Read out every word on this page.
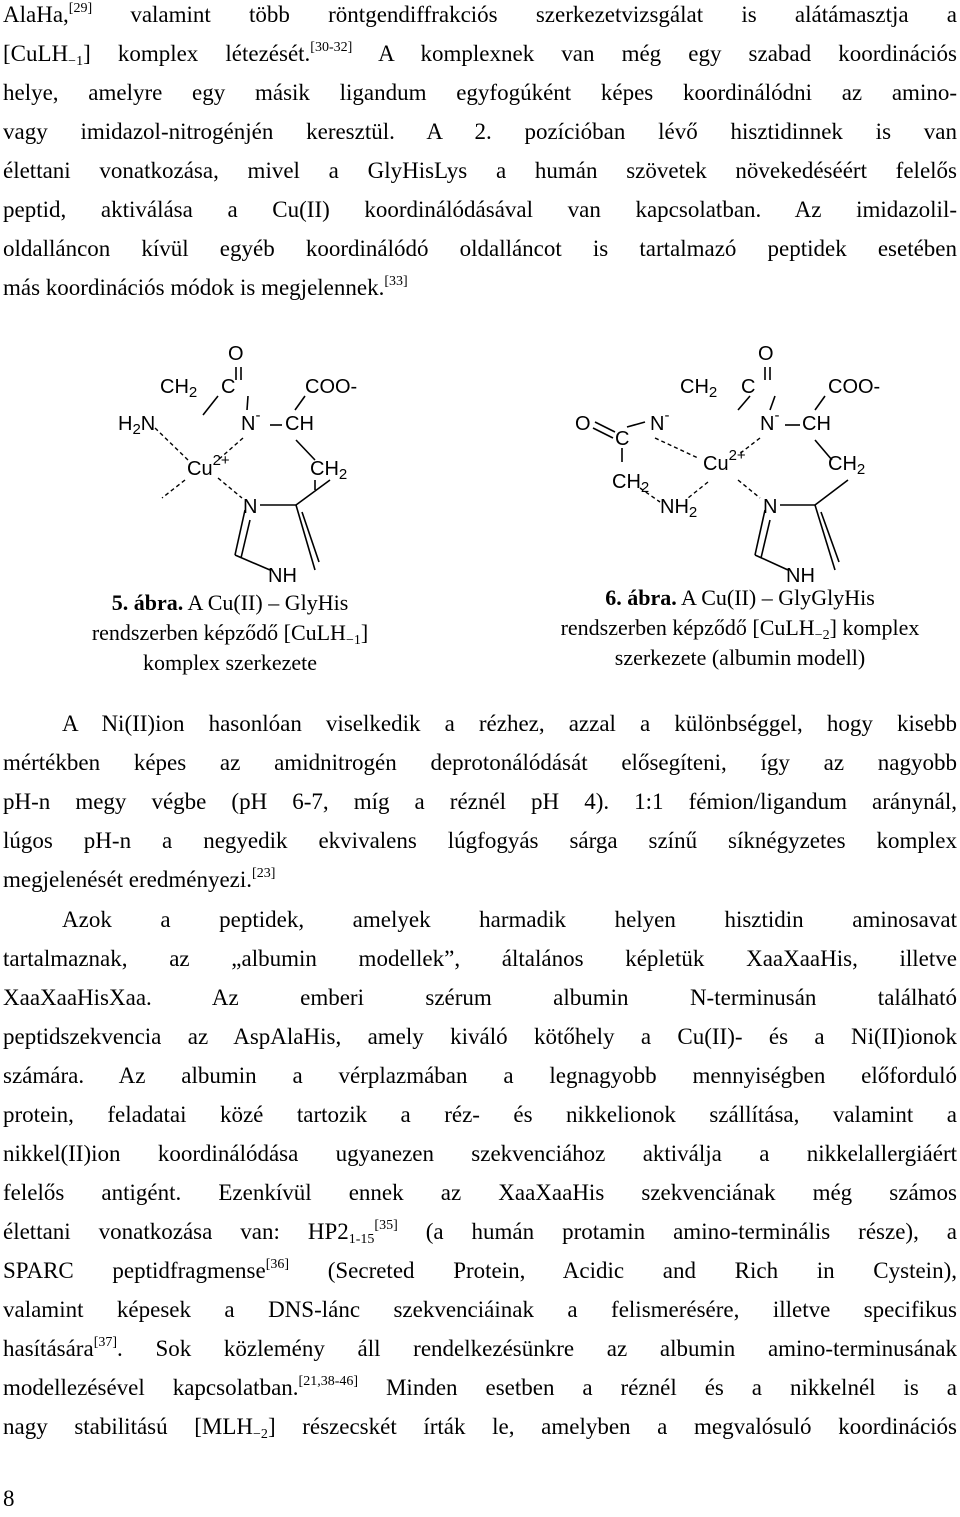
AlaHa,[29] valamint több röntgendiffrakciós szerkezetvizsgálat is alátámasztja a
[CuLH$_{-1}$] komplex létezését.[30-32] A komplexnek van még egy szabad koordinációs
helye, amelyre egy másik ligandum egyfogúként képes koordinálódni az amino-
vagy imidazol-nitrogénjén keresztül. A 2. pozícióban lévő hisztidinnek is van
élettani vonatkozása, mivel a GlyHisLys a humán szövetek növekedéséért felelős
peptid, aktiválása a Cu(II) koordinálódásával van kapcsolatban. Az imidazolil-
oldalláncon kívül egyéb koordinálódó oldalláncot is tartalmazó peptidek esetében
más koordinációs módok is megjelennek.[33]
O
$CH_2$ C	COO-
$H_2N$	N- CH
$Cu^{2+}$	$CH_2$
N
NH
5. ábra. A Cu(II) – GlyHis
rendszerben képződő [CuLH$_{-1}$]
komplex szerkezete
O
$CH_2$ C	COO-
O
C
N-	N- CH
$Cu^{2+}$
$CH_2$
$NH_2$
$CH_2$
N
NH
6. ábra. A Cu(II) – GlyGlyHis
rendszerben képződő [CuLH$_{-2}$] komplex
szerkezete (albumin modell)
A Ni(II)ion hasonlóan viselkedik a rézhez, azzal a különbséggel, hogy kisebb
mértékben képes az amidnitrogén deprotonálódását elősegíteni, így az nagyobb
pH-n megy végbe (pH 6-7, míg a réznél pH 4). 1:1 fémion/ligandum aránynál,
lúgos pH-n a negyedik ekvivalens lúgfogyás sárga színű síknégyzetes komplex
megjelenését eredményezi.[23]
Azok a peptidek, amelyek harmadik helyen hisztidin aminosavat
tartalmaznak, az „albumin modellek”, általános képletük XaaXaaHis, illetve
XaaXaaHisXaa. Az emberi szérum albumin N-terminusán található
peptidszekvencia az AspAlaHis, amely kiváló kötőhely a Cu(II)- és a Ni(II)ionok
számára. Az albumin a vérplazmában a legnagyobb mennyiségben előforduló
protein, feladatai közé tartozik a réz- és nikkelionok szállítása, valamint a
nikkel(II)ion koordinálódása ugyanezen szekvenciához aktiválja a nikkelallergiáért
felelős antigént. Ezenkívül ennek az XaaXaaHis szekvenciának még számos
élettani vonatkozása van: $HP2_{1-15}[35]$ (a humán protamin amino-terminális része), a
SPARC peptidfragmense[36] (Secreted Protein, Acidic and Rich in Cystein),
valamint képesek a DNS-lánc szekvenciáinak a felismerésére, illetve specifikus
hasítására[37]. Sok közlemény áll rendelkezésünkre az albumin amino-terminusának
modellezésével kapcsolatban.[21,38-46] Minden esetben a réznél és a nikkelnél is a
nagy stabilitású $[MLH_{-2}]$ részecskét írták le, amelyben a megvalósuló koordinációs
8
